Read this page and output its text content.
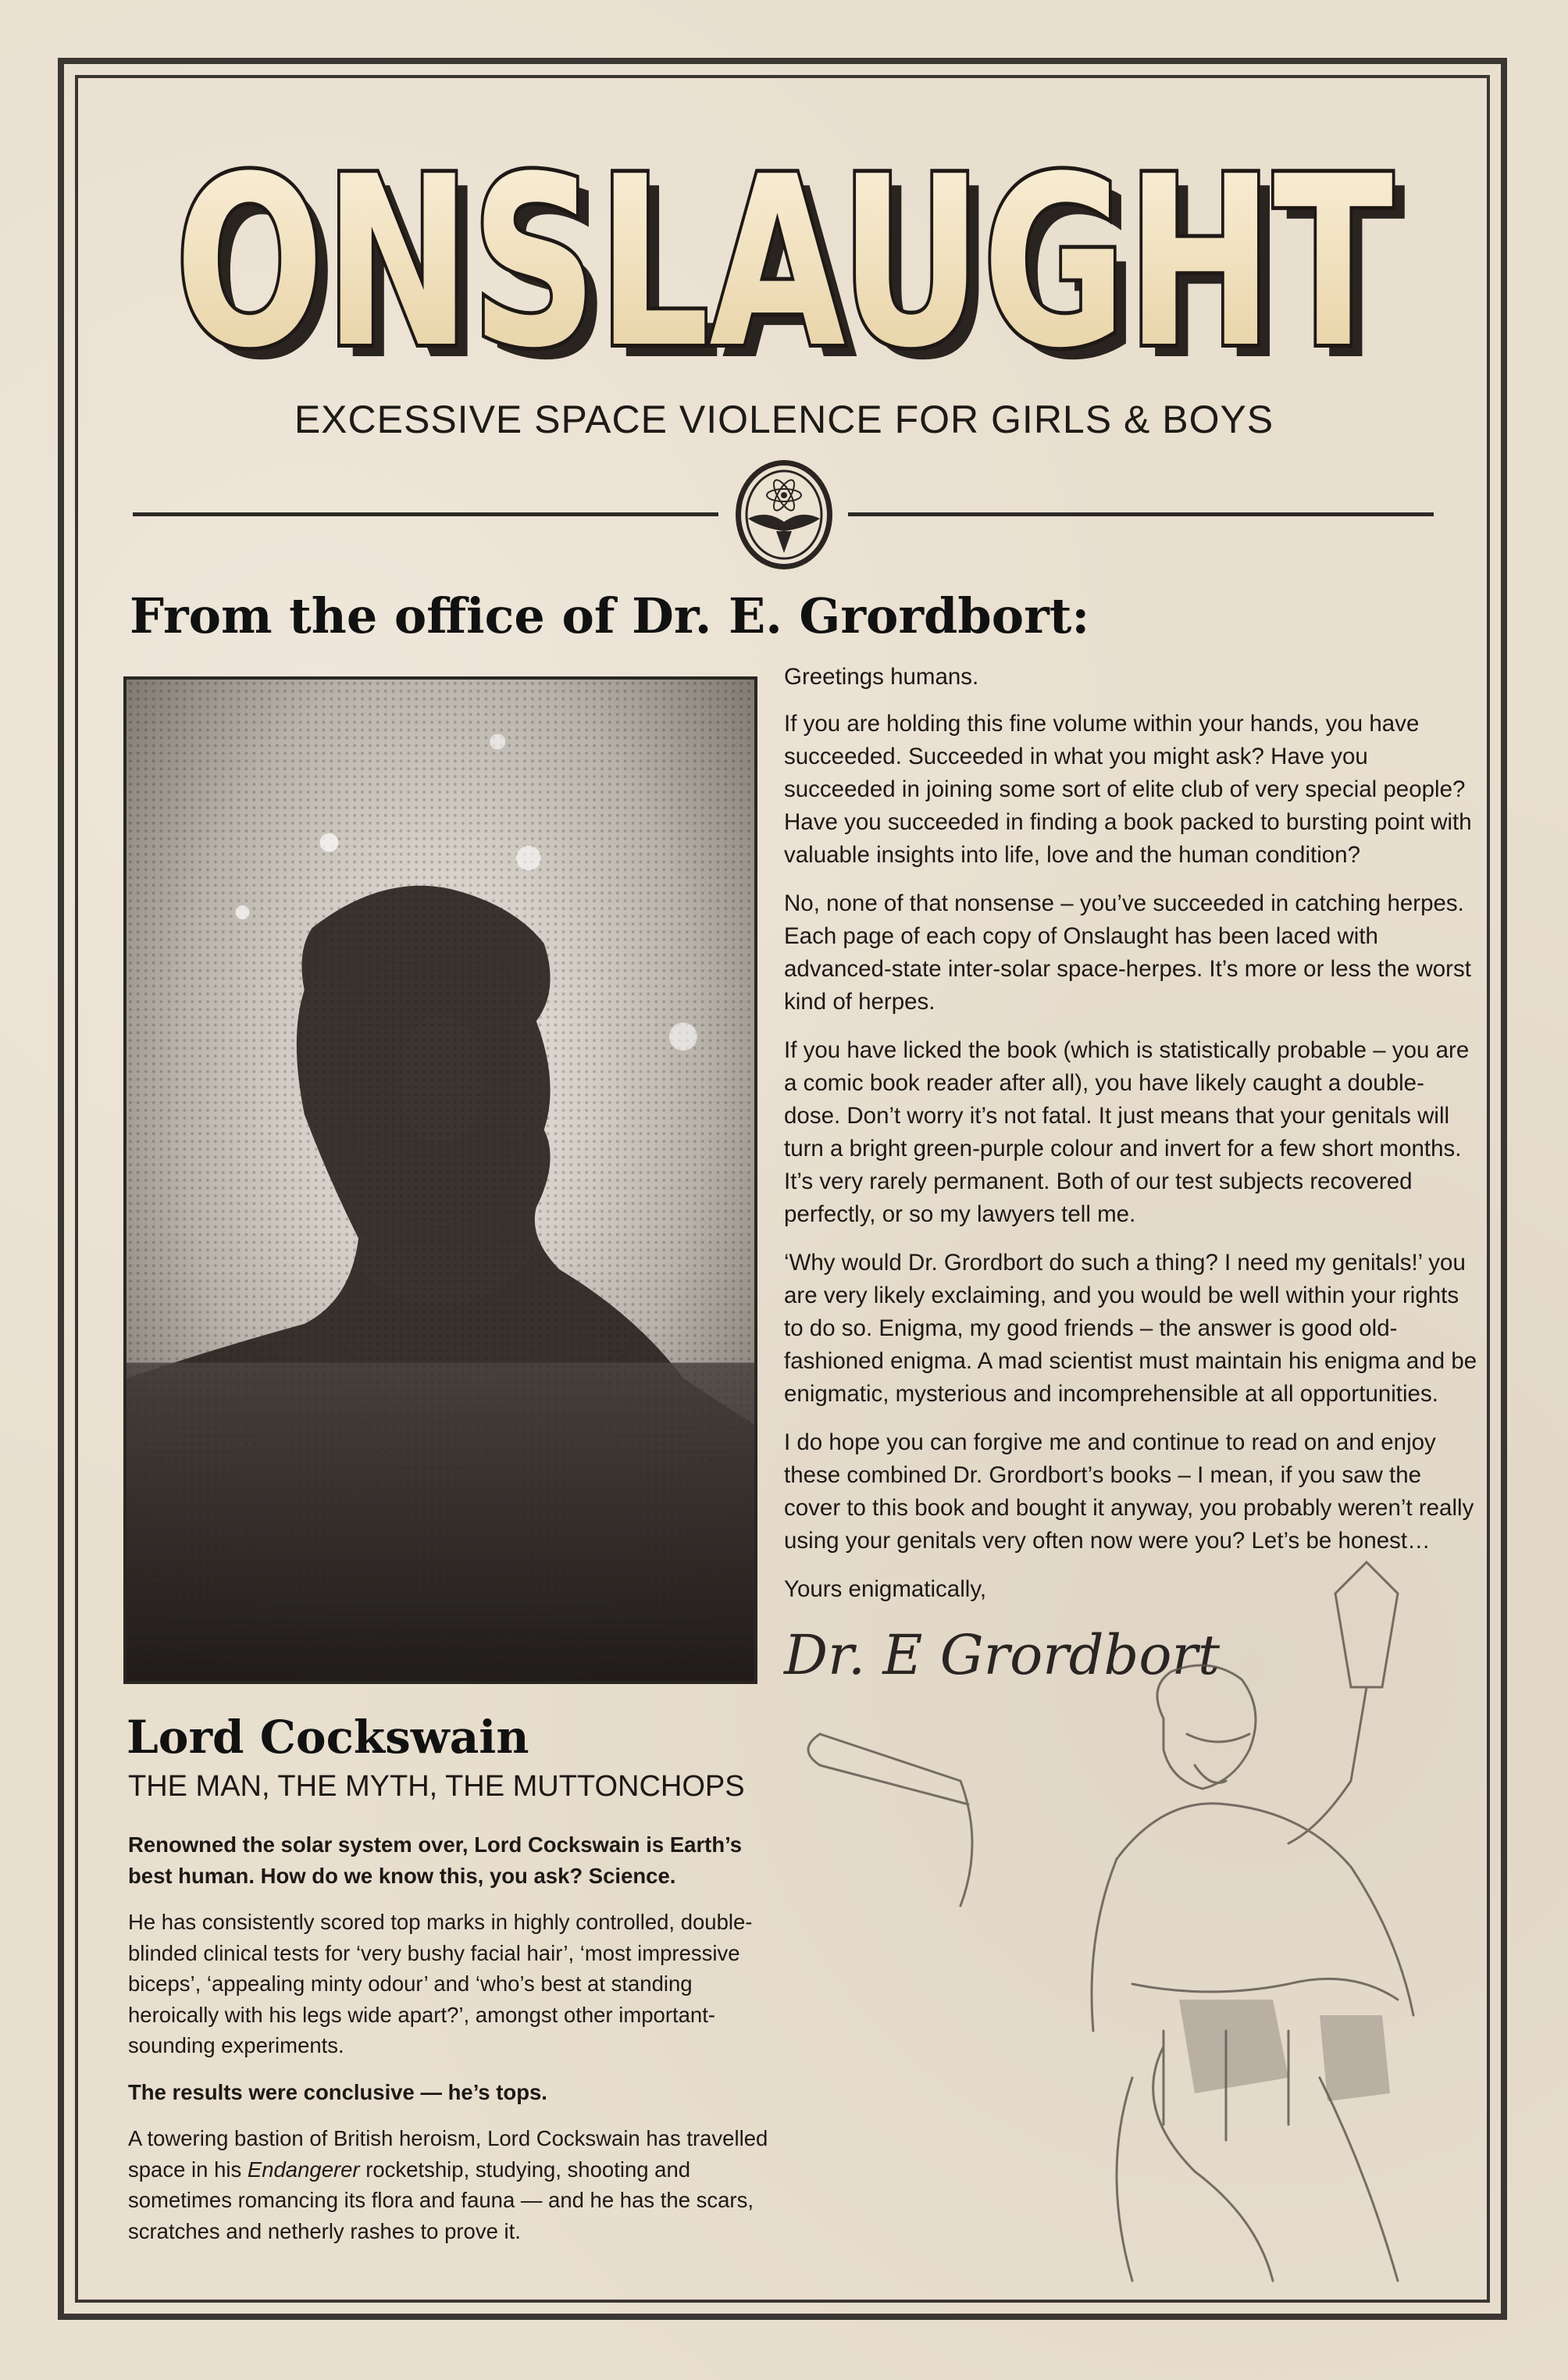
ONSLAUGHT
ONSLAUGHT
EXCESSIVE SPACE VIOLENCE FOR GIRLS & BOYS
From the office of Dr. E. Grordbort:

Greetings humans.

If you are holding this fine volume within your hands, you have succeeded. Succeeded in what you might ask? Have you succeeded in joining some sort of elite club of very special people? Have you succeeded in finding a book packed to bursting point with valuable insights into life, love and the human condition?

No, none of that nonsense – you’ve succeeded in catching herpes. Each page of each copy of Onslaught has been laced with advanced-state inter-solar space-herpes. It’s more or less the worst kind of herpes.

If you have licked the book (which is statistically probable – you are a comic book reader after all), you have likely caught a double-dose. Don’t worry it’s not fatal. It just means that your genitals will turn a bright green-purple colour and invert for a few short months. It’s very rarely permanent. Both of our test subjects recovered perfectly, or so my lawyers tell me.

‘Why would Dr. Grordbort do such a thing? I need my genitals!’ you are very likely exclaiming, and you would be well within your rights to do so. Enigma, my good friends – the answer is good old-fashioned enigma. A mad scientist must maintain his enigma and be enigmatic, mysterious and incomprehensible at all opportunities.

I do hope you can forgive me and continue to read on and enjoy these combined Dr. Grordbort’s books – I mean, if you saw the cover to this book and bought it anyway, you probably weren’t really using your genitals very often now were you? Let’s be honest…

Yours enigmatically,

Dr. E Grordbort
Lord Cockswain
THE MAN, THE MYTH, THE MUTTONCHOPS

Renowned the solar system over, Lord Cockswain is Earth’s best human. How do we know this, you ask? Science.

He has consistently scored top marks in highly controlled, double-blinded clinical tests for ‘very bushy facial hair’, ‘most impressive biceps’, ‘appealing minty odour’ and ‘who’s best at standing heroically with his legs wide apart?’, amongst other important-sounding experiments.

The results were conclusive — he’s tops.

A towering bastion of British heroism, Lord Cockswain has travelled space in his Endangerer rocketship, studying, shooting and sometimes romancing its flora and fauna — and he has the scars, scratches and netherly rashes to prove it.
